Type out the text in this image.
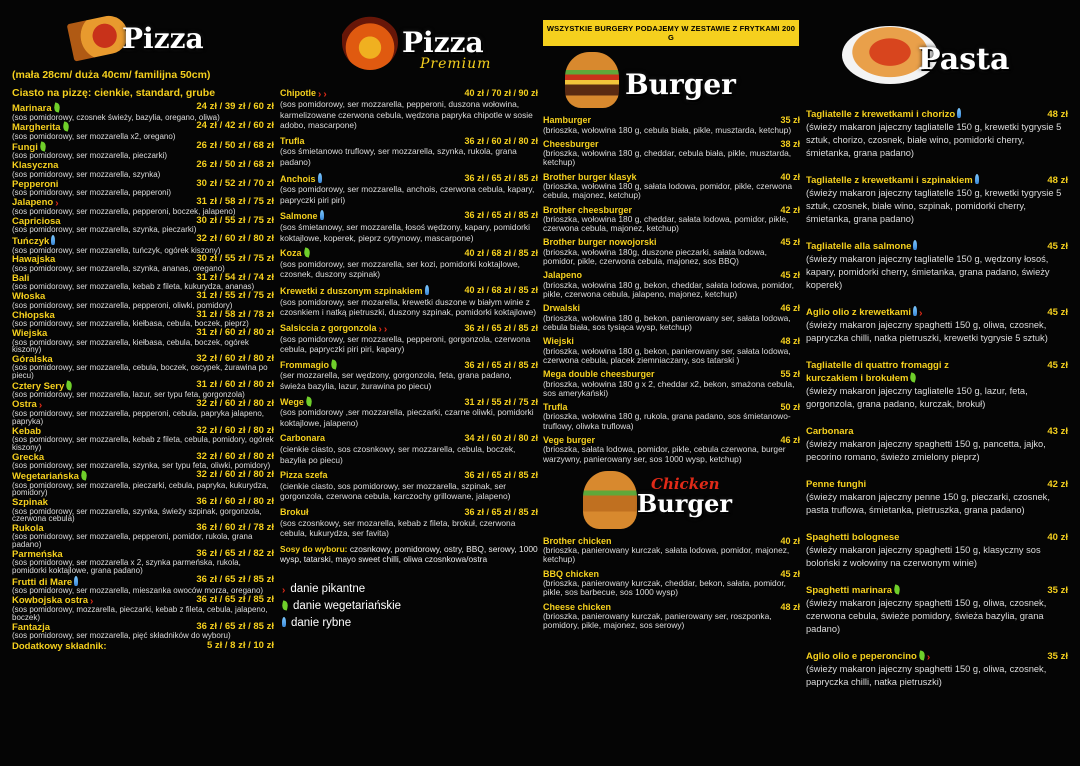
Pizza
(mała 28cm/ duża 40cm/ familijna 50cm)
Ciasto na pizzę: cienkie, standard, grube
Marinara	24 zł / 39 zł / 60 zł
(sos pomidorowy, czosnek świeży, bazylia, oregano, oliwa)
Margherita	24 zł / 42 zł / 60 zł
(sos pomidorowy, ser mozzarella x2, oregano)
Fungi	26 zł / 50 zł / 68 zł
(sos pomidorowy, ser mozzarella, pieczarki)
Klasyczna	26 zł / 50 zł / 68 zł
(sos pomidorowy, ser mozzarella, szynka)
Pepperoni	30 zł / 52 zł / 70 zł
(sos pomidorowy, ser mozzarella, pepperoni)
Jalapeno ›	31 zł / 58 zł / 75 zł
(sos pomidorowy, ser mozzarella, pepperoni, boczek, jalapeno)
Capriciosa	30 zł / 55 zł / 75 zł
(sos pomidorowy, ser mozzarella, szynka, pieczarki)
Tuńczyk	32 zł / 60 zł / 80 zł
(sos pomidorowy, ser mozzarella, tuńczyk, ogórek kiszony)
Hawajska	30 zł / 55 zł / 75 zł
(sos pomidorowy, ser mozzarella, szynka, ananas, oregano)
Bali	31 zł / 54 zł / 74 zł
(sos pomidorowy, ser mozzarella, kebab z fileta, kukurydza, ananas)
Włoska	31 zł / 55 zł / 75 zł
(sos pomidorowy, ser mozzarella, pepperoni, oliwki, pomidory)
Chłopska	31 zł / 58 zł / 78 zł
(sos pomidorowy, ser mozzarella, kiełbasa, cebula, boczek, pieprz)
Wiejska	31 zł / 60 zł / 80 zł
(sos pomidorowy, ser mozzarella, kiełbasa, cebula, boczek, ogórek kiszony)
Góralska	32 zł / 60 zł / 80 zł
(sos pomidorowy, ser mozzarella, cebula, boczek, oscypek, żurawina po piecu)
Cztery Sery	31 zł / 60 zł / 80 zł
(sos pomidorowy, ser mozzarella, lazur, ser typu feta, gorgonzola)
Ostra ›	32 zł / 60 zł / 80 zł
(sos pomidorowy, ser mozzarella, pepperoni, cebula, papryka jalapeno, papryka)
Kebab	32 zł / 60 zł / 80 zł
(sos pomidorowy, ser mozzarella, kebab z fileta, cebula, pomidory, ogórek kiszony)
Grecka	32 zł / 60 zł / 80 zł
(sos pomidorowy, ser mozzarella, szynka, ser typu feta, oliwki, pomidory)
Wegetariańska	32 zł / 60 zł / 80 zł
(sos pomidorowy, ser mozzarella, pieczarki, cebula, papryka, kukurydza, pomidory)
Szpinak	36 zł / 60 zł / 80 zł
(sos pomidorowy, ser mozzarella, szynka, świeży szpinak, gorgonzola, czerwona cebula)
Rukola	36 zł / 60 zł / 78 zł
(sos pomidorowy, ser mozzarella, pepperoni, pomidor, rukola, grana padano)
Parmeńska	36 zł / 65 zł / 82 zł
(sos pomidorowy, ser mozzarella x 2, szynka parmeńska, rukola, pomidorki koktajlowe, grana padano)
Frutti di Mare	36 zł / 65 zł / 85 zł
(sos pomidorowy, ser mozzarella, mieszanka owoców morza, oregano)
Kowbojska ostra ›	36 zł / 65 zł / 85 zł
(sos pomidorowy, mozzarella, pieczarki, kebab z fileta, cebula, jalapeno, boczek)
Fantazja	36 zł / 65 zł / 85 zł
(sos pomidorowy, ser mozzarella, pięć składników do wyboru)
Dodatkowy składnik:	5 zł / 8 zł / 10 zł
Pizza
Premium
Chipotle › ›	40 zł / 70 zł / 90 zł
(sos pomidorowy, ser mozzarella, pepperoni, duszona wołowina, karmelizowane czerwona cebula, wędzona papryka chipotle w sosie adobo, mascarpone)
Trufla	36 zł / 60 zł / 80 zł
(sos śmietanowo truflowy, ser mozzarella, szynka, rukola, grana padano)
Anchois	36 zł / 65 zł / 85 zł
(sos pomidorowy, ser mozzarella, anchois, czerwona cebula, kapary, papryczki piri piri)
Salmone	36 zł / 65 zł / 85 zł
(sos śmietanowy, ser mozzarella, łosoś wędzony, kapary, pomidorki koktajlowe, koperek, pieprz cytrynowy, mascarpone)
Koza	40 zł / 68 zł / 85 zł
(sos pomidorowy, ser mozzarella, ser kozi, pomidorki koktajlowe, czosnek, duszony szpinak)
Krewetki z duszonym szpinakiem	40 zł / 68 zł / 85 zł
(sos pomidorowy, ser mozarella, krewetki duszone w białym winie z czosnkiem i natką pietruszki, duszony szpinak, pomidorki koktajlowe)
Salsiccia z gorgonzola › ›	36 zł / 65 zł / 85 zł
(sos pomidorowy, ser mozzarella, pepperoni, gorgonzola, czerwona cebula, papryczki piri piri, kapary)
Frommagio	36 zł / 65 zł / 85 zł
(ser mozzarella, ser wędzony, gorgonzola, feta, grana padano, świeża bazylia, lazur, żurawina po piecu)
Wege	31 zł / 55 zł / 75 zł
(sos pomidorowy ,ser mozzarella, pieczarki, czarne oliwki, pomidorki koktajlowe, jalapeno)
Carbonara	34 zł / 60 zł / 80 zł
(cienkie ciasto, sos czosnkowy, ser mozzarella, cebula, boczek, bazylia po piecu)
Pizza szefa	36 zł / 65 zł / 85 zł
(cienkie ciasto, sos pomidorowy, ser mozzarella, szpinak, ser gorgonzola, czerwona cebula, karczochy grillowane, jalapeno)
Brokuł	36 zł / 65 zł / 85 zł
(sos czosnkowy, ser mozarella, kebab z fileta, brokuł, czerwona cebula, kukurydza, ser favita)
Sosy do wyboru: czosnkowy, pomidorowy, ostry, BBQ, serowy, 1000 wysp, tatarski, mayo sweet chilli, oliwa czosnkowa/ostra
› danie pikantne
danie wegetariańskie
danie rybne
WSZYSTKIE BURGERY PODAJEMY W ZESTAWIE Z FRYTKAMI 200 G
Burger
Hamburger	35 zł
(brioszka, wołowina 180 g, cebula biała, pikle, musztarda, ketchup)
Cheesburger	38 zł
(brioszka, wołowina 180 g, cheddar, cebula biała, pikle, musztarda, ketchup)
Brother burger klasyk	40 zł
(brioszka, wołowina 180 g, sałata lodowa, pomidor, pikle, czerwona cebula, majonez, ketchup)
Brother cheesburger	42 zł
(brioszka, wołowina 180 g, cheddar, sałata lodowa, pomidor, pikle, czerwona cebula, majonez, ketchup)
Brother burger nowojorski	45 zł
(brioszka, wołowina 180g, duszone pieczarki, sałata lodowa, pomidor, pikle, czerwona cebula, majonez, sos BBQ)
Jalapeno	45 zł
(brioszka, wołowina 180 g, bekon, cheddar, sałata lodowa, pomidor, pikle, czerwona cebula, jalapeno, majonez, ketchup)
Drwalski	46 zł
(brioszka, wołowina 180 g, bekon, panierowany ser, sałata lodowa, cebula biała, sos tysiąca wysp, ketchup)
Wiejski	48 zł
(brioszka, wołowina 180 g, bekon, panierowany ser, sałata lodowa, czerwona cebula, placek ziemniaczany, sos tatarski )
Mega double cheesburger	55 zł
(brioszka, wołowina 180 g x 2, cheddar x2, bekon, smażona cebula, sos amerykański)
Trufla	50 zł
(brioszka, wołowina 180 g, rukola, grana padano, sos śmietanowo-truflowy, oliwka truflowa)
Vege burger	46 zł
(brioszka, sałata lodowa, pomidor, pikle, cebula czerwona, burger warzywny, panierowany ser, sos 1000 wysp, ketchup)
Chicken
Burger
Brother chicken	40 zł
(brioszka, panierowany kurczak, sałata lodowa, pomidor, majonez, ketchup)
BBQ chicken	45 zł
(brioszka, panierowany kurczak, cheddar, bekon, sałata, pomidor, pikle, sos barbecue, sos 1000 wysp)
Cheese chicken	48 zł
(brioszka, panierowany kurczak, panierowany ser, roszponka, pomidory, pikle, majonez, sos serowy)
Pasta
Tagliatelle z krewetkami i chorizo	48 zł
(świeży makaron jajeczny tagliatelle 150 g, krewetki tygrysie 5 sztuk, chorizo, czosnek, białe wino, pomidorki cherry, śmietanka, grana padano)
Tagliatelle z krewetkami i szpinakiem	48 zł
(świeży makaron jajeczny tagliatelle 150 g, krewetki tygrysie 5 sztuk, czosnek, białe wino, szpinak, pomidorki cherry, śmietanka, grana padano)
Tagliatelle alla salmone	45 zł
(świeży makaron jajeczny tagliatelle 150 g, wędzony łosoś, kapary, pomidorki cherry, śmietanka, grana padano, świeży koperek)
Aglio olio z krewetkami ›	45 zł
(świeży makaron jajeczny spaghetti 150 g, oliwa, czosnek, papryczka chilli, natka pietruszki, krewetki tygrysie 5 sztuk)
Tagliatelle di quattro fromaggi z kurczakiem i brokułem
45 zł
(świeży makaron jajeczny tagliatelle 150 g, lazur, feta, gorgonzola, grana padano, kurczak, brokuł)
Carbonara	43 zł
(świeży makaron jajeczny spaghetti 150 g, pancetta, jajko, pecorino romano, świeżo zmielony pieprz)
Penne funghi	42 zł
(świeży makaron jajeczny penne 150 g, pieczarki, czosnek, pasta truflowa, śmietanka, pietruszka, grana padano)
Spaghetti bolognese	40 zł
(świeży makaron jajeczny spaghetti 150 g, klasyczny sos boloński z wołowiny na czerwonym winie)
Spaghetti marinara	35 zł
(świeży makaron jajeczny spaghetti 150 g, oliwa, czosnek, czerwona cebula, świeże pomidory, świeża bazylia, grana padano)
Aglio olio e peperoncino ›	35 zł
(świeży makaron jajeczny spaghetti 150 g, oliwa, czosnek, papryczka chilli, natka pietruszki)
